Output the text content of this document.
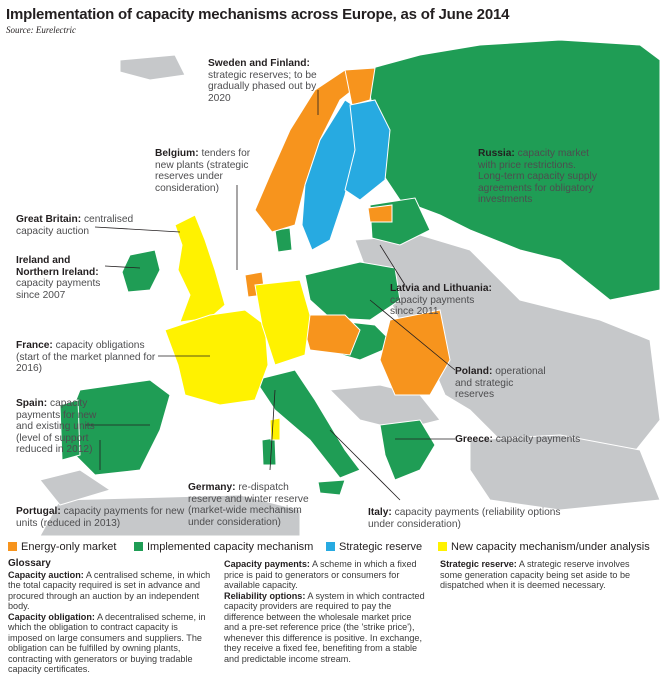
Implementation of capacity mechanisms across Europe, as of June 2014
Source: Eurelectric
Sweden and Finland: strategic reserves; to be gradually phased out by 2020
Belgium: tenders for new plants (strategic reserves under consideration)
Great Britain: centralised capacity auction
Ireland and Northern Ireland: capacity payments since 2007
France: capacity obligations (start of the market planned for 2016)
Spain: capacity payments for new and existing units (level of support reduced in 2012)
Portugal: capacity payments for new units (reduced in 2013)
Germany: re-dispatch reserve and winter reserve (market-wide mechanism under consideration)
Italy: capacity payments (reliability options under consideration)
Greece: capacity payments
Poland: operational and strategic reserves
Latvia and Lithuania: capacity payments since 2011
Russia: capacity market with price restrictions. Long-term capacity supply agreements for obligatory investments
Energy-only market	Implemented capacity mechanism	Strategic reserve	New capacity mechanism/under analysis
Glossary
Capacity auction: A centralised scheme, in which the total capacity required is set in advance and procured through an auction by an independent body.
Capacity obligation: A decentralised scheme, in which the obligation to contract capacity is imposed on large consumers and suppliers. The obligation can be fulfilled by owning plants, contracting with generators or buying tradable capacity certificates.
Capacity payments: A scheme in which a fixed price is paid to generators or consumers for available capacity.
Reliability options: A system in which contracted capacity providers are required to pay the difference between the wholesale market price and a pre-set reference price (the 'strike price'), whenever this difference is positive. In exchange, they receive a fixed fee, benefiting from a stable and predictable income stream.
Strategic reserve: A strategic reserve involves some generation capacity being set aside to be dispatched when it is deemed necessary.
